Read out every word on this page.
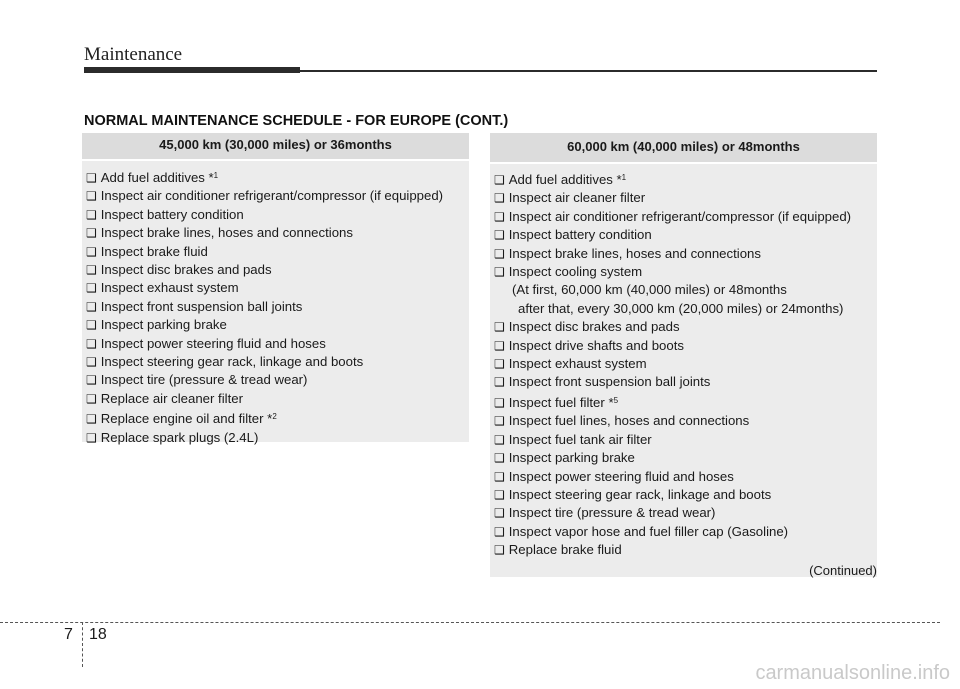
Maintenance
NORMAL MAINTENANCE SCHEDULE - FOR EUROPE (CONT.)
45,000 km (30,000 miles) or 36months
❑ Add fuel additives *$^1$
❑ Inspect air conditioner refrigerant/compressor (if equipped)
❑ Inspect battery condition
❑ Inspect brake lines, hoses and connections
❑ Inspect brake fluid
❑ Inspect disc brakes and pads
❑ Inspect exhaust system
❑ Inspect front suspension ball joints
❑ Inspect parking brake
❑ Inspect power steering fluid and hoses
❑ Inspect steering gear rack, linkage and boots
❑ Inspect tire (pressure & tread wear)
❑ Replace air cleaner filter
❑ Replace engine oil and filter *$^2$
❑ Replace spark plugs (2.4L)
60,000 km (40,000 miles) or 48months
❑ Add fuel additives *$^1$
❑ Inspect air cleaner filter
❑ Inspect air conditioner refrigerant/compressor (if equipped)
❑ Inspect battery condition
❑ Inspect brake lines, hoses and connections
❑ Inspect cooling system
(At first, 60,000 km (40,000 miles) or 48months
after that, every 30,000 km (20,000 miles) or 24months)
❑ Inspect disc brakes and pads
❑ Inspect drive shafts and boots
❑ Inspect exhaust system
❑ Inspect front suspension ball joints
❑ Inspect fuel filter *$^5$
❑ Inspect fuel lines, hoses and connections
❑ Inspect fuel tank air filter
❑ Inspect parking brake
❑ Inspect power steering fluid and hoses
❑ Inspect steering gear rack, linkage and boots
❑ Inspect tire (pressure & tread wear)
❑ Inspect vapor hose and fuel filler cap (Gasoline)
❑ Replace brake fluid
(Continued)
7 18
carmanualsonline.info
